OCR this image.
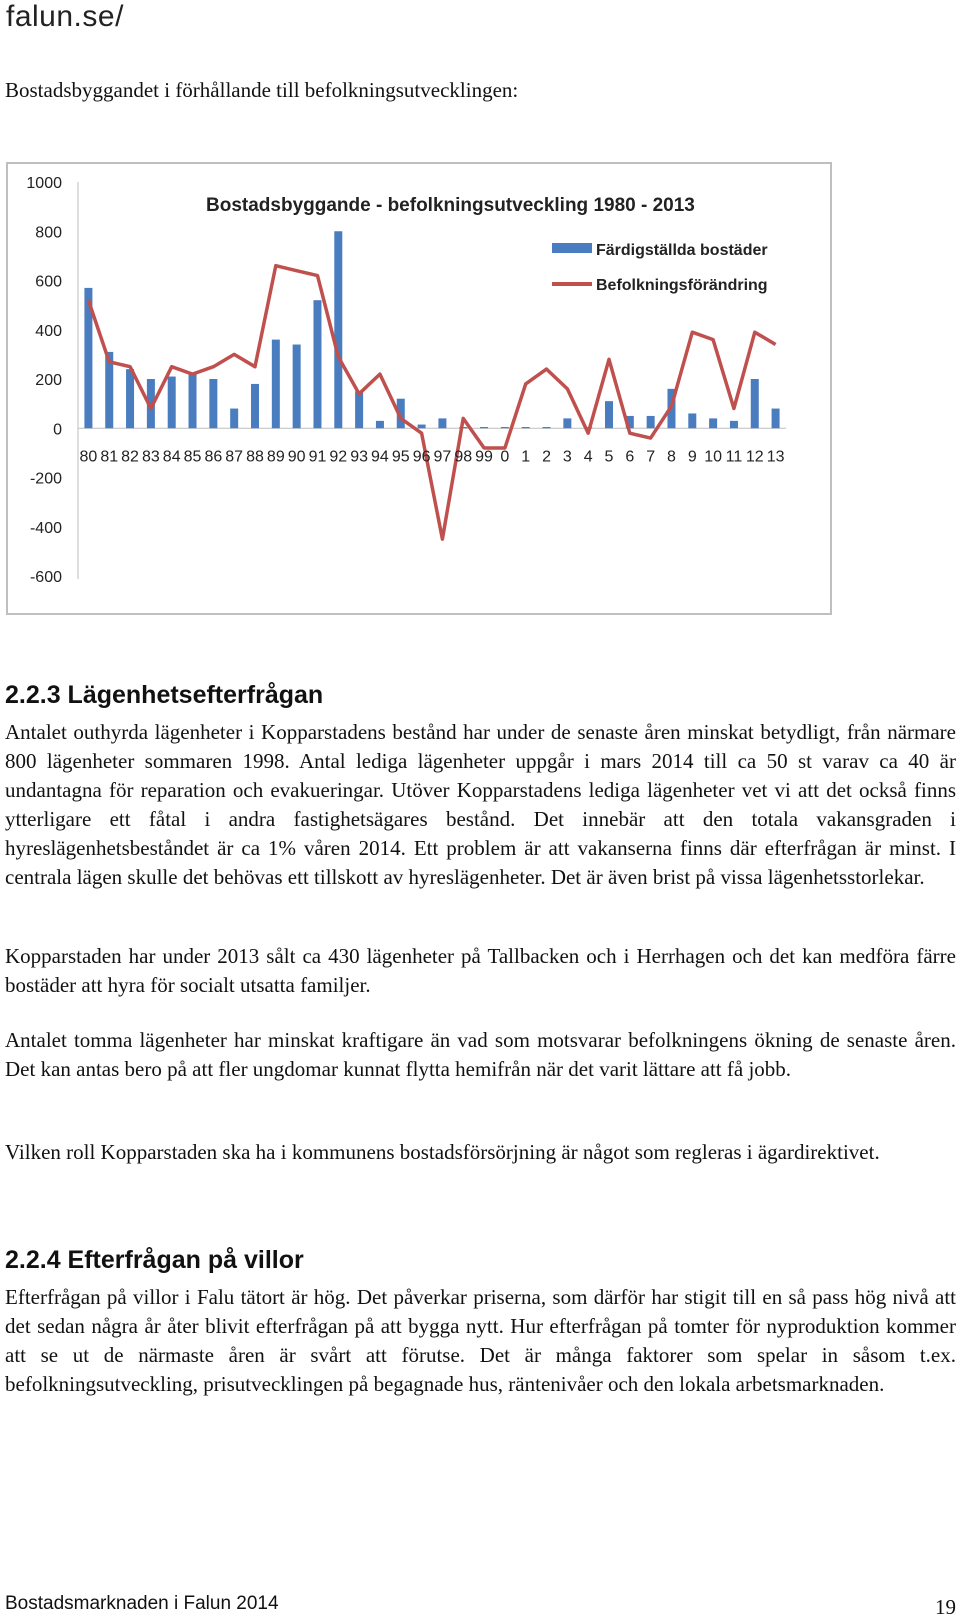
falun.se/
Bostadsbyggandet i förhållande till befolkningsutvecklingen:
1000
800
600
400
200
0
-200
-400
-600
80 81 82 83 84 85 86 87 88 89 90 91 92 93 94 95 96 97 98 99 0 1 2 3 4 5 6 7 8 9 10 11 12 13
Bostadsbyggande - befolkningsutveckling 1980 - 2013
Färdigställda bostäder
Befolkningsförändring
2.2.3 Lägenhetsefterfrågan

Antalet outhyrda lägenheter i Kopparstadens bestånd har under de senaste åren minskat betydligt, från närmare 800 lägenheter sommaren 1998. Antal lediga lägenheter uppgår i mars 2014 till ca 50 st varav ca 40 är undantagna för reparation och evakueringar. Utöver Kopparstadens lediga lägenheter vet vi att det också finns ytterligare ett fåtal i andra fastighetsägares bestånd. Det innebär att den totala vakansgraden i hyreslägenhetsbeståndet är ca 1% våren 2014. Ett problem är att vakanserna finns där efterfrågan är minst. I centrala lägen skulle det behövas ett tillskott av hyreslägenheter. Det är även brist på vissa lägenhetsstorlekar.

Kopparstaden har under 2013 sålt ca 430 lägenheter på Tallbacken och i Herrhagen och det kan medföra färre bostäder att hyra för socialt utsatta familjer.

Antalet tomma lägenheter har minskat kraftigare än vad som motsvarar befolkningens ökning de senaste åren. Det kan antas bero på att fler ungdomar kunnat flytta hemifrån när det varit lättare att få jobb.

Vilken roll Kopparstaden ska ha i kommunens bostadsförsörjning är något som regleras i ägardirektivet.

2.2.4 Efterfrågan på villor

Efterfrågan på villor i Falu tätort är hög. Det påverkar priserna, som därför har stigit till en så pass hög nivå att det sedan några år åter blivit efterfrågan på att bygga nytt. Hur efterfrågan på tomter för nyproduktion kommer att se ut de närmaste åren är svårt att förutse. Det är många faktorer som spelar in såsom t.ex. befolkningsutveckling, prisutvecklingen på begagnade hus, räntenivåer och den lokala arbetsmarknaden.

Bostadsmarknaden i Falun 2014	19
